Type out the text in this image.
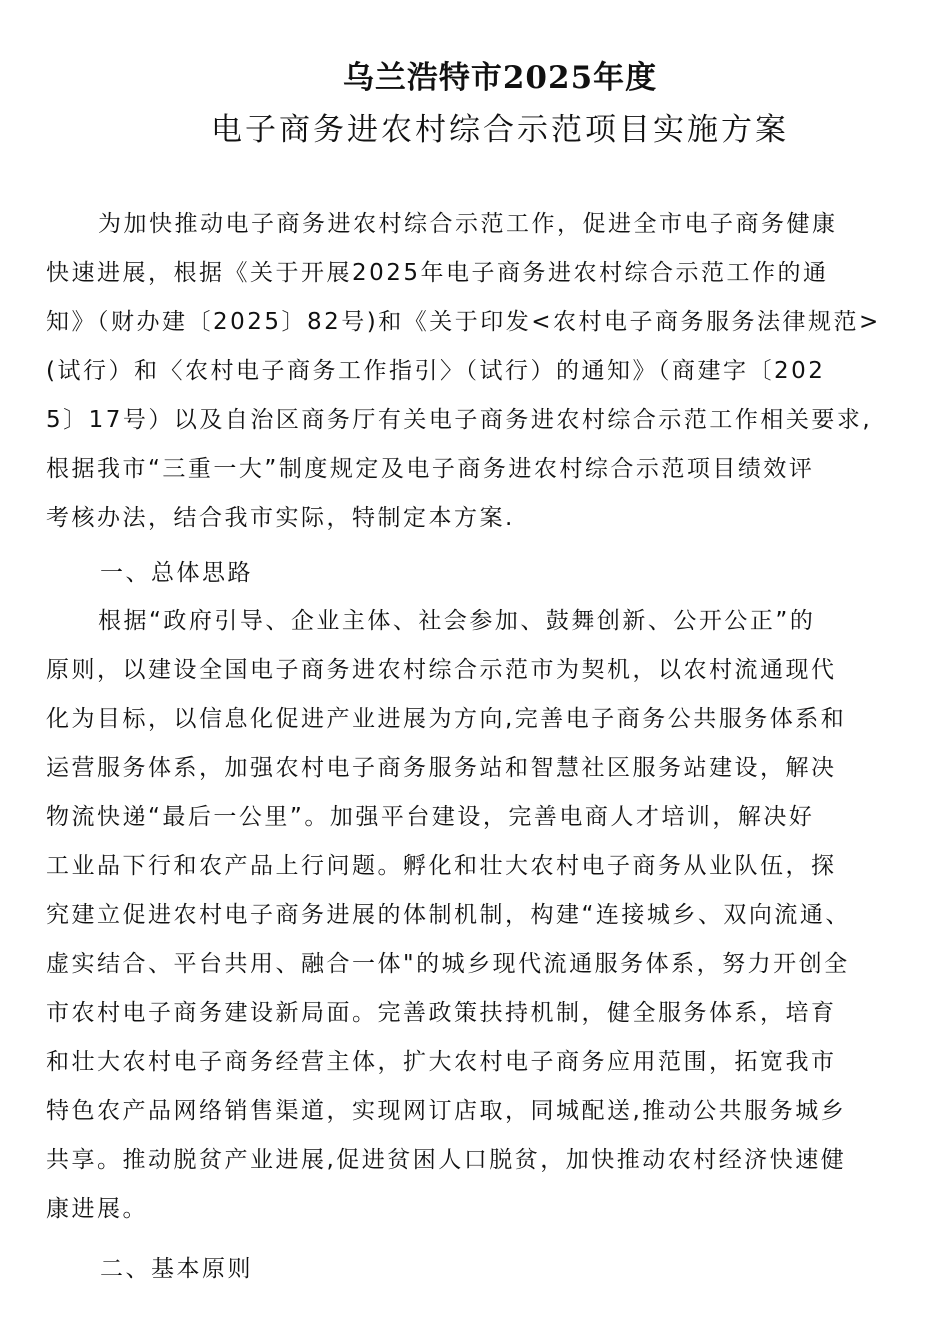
乌兰浩特市2025年度
电子商务进农村综合示范项目实施方案
为加快推动电子商务进农村综合示范工作，促进全市电子商务健康
快速进展，根据《关于开展2025年电子商务进农村综合示范工作的通
知》（财办建〔2025〕82号)和《关于印发<农村电子商务服务法律规范>
(试行）和〈农村电子商务工作指引〉（试行）的通知》（商建字〔202
5〕17号）以及自治区商务厅有关电子商务进农村综合示范工作相关要求,
根据我市“三重一大”制度规定及电子商务进农村综合示范项目绩效评
考核办法，结合我市实际，特制定本方案.
一、总体思路
根据“政府引导、企业主体、社会参加、鼓舞创新、公开公正”的
原则，以建设全国电子商务进农村综合示范市为契机，以农村流通现代
化为目标，以信息化促进产业进展为方向,完善电子商务公共服务体系和
运营服务体系，加强农村电子商务服务站和智慧社区服务站建设，解决
物流快递“最后一公里”。加强平台建设，完善电商人才培训，解决好
工业品下行和农产品上行问题。孵化和壮大农村电子商务从业队伍，探
究建立促进农村电子商务进展的体制机制，构建“连接城乡、双向流通、
虚实结合、平台共用、融合一体"的城乡现代流通服务体系，努力开创全
市农村电子商务建设新局面。完善政策扶持机制，健全服务体系，培育
和壮大农村电子商务经营主体，扩大农村电子商务应用范围，拓宽我市
特色农产品网络销售渠道，实现网订店取，同城配送,推动公共服务城乡
共享。推动脱贫产业进展,促进贫困人口脱贫，加快推动农村经济快速健
康进展。
二、基本原则
